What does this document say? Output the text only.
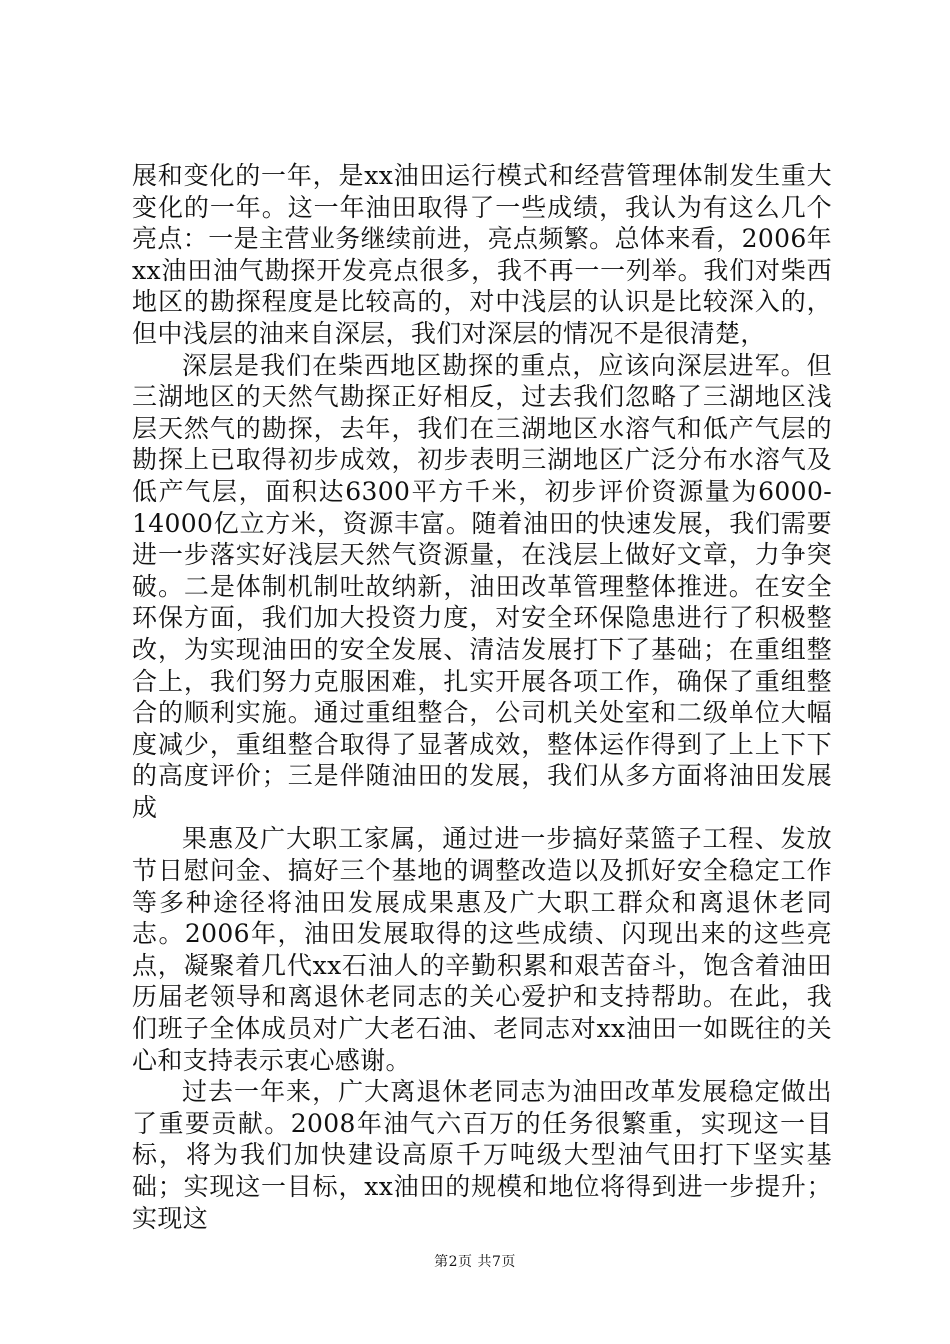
展和变化的一年，是xx油田运行模式和经营管理体制发生重大变化的一年。这一年油田取得了一些成绩，我认为有这么几个亮点：一是主营业务继续前进，亮点频繁。总体来看，2006年xx油田油气勘探开发亮点很多，我不再一一列举。我们对柴西地区的勘探程度是比较高的，对中浅层的认识是比较深入的，但中浅层的油来自深层，我们对深层的情况不是很清楚，

深层是我们在柴西地区勘探的重点，应该向深层进军。但三湖地区的天然气勘探正好相反，过去我们忽略了三湖地区浅层天然气的勘探，去年，我们在三湖地区水溶气和低产气层的勘探上已取得初步成效，初步表明三湖地区广泛分布水溶气及低产气层，面积达6300平方千米，初步评价资源量为6000-14000亿立方米，资源丰富。随着油田的快速发展，我们需要进一步落实好浅层天然气资源量，在浅层上做好文章，力争突破。二是体制机制吐故纳新，油田改革管理整体推进。在安全环保方面，我们加大投资力度，对安全环保隐患进行了积极整改，为实现油田的安全发展、清洁发展打下了基础；在重组整合上，我们努力克服困难，扎实开展各项工作，确保了重组整合的顺利实施。通过重组整合，公司机关处室和二级单位大幅度减少，重组整合取得了显著成效，整体运作得到了上上下下的高度评价；三是伴随油田的发展，我们从多方面将油田发展成

果惠及广大职工家属，通过进一步搞好菜篮子工程、发放节日慰问金、搞好三个基地的调整改造以及抓好安全稳定工作等多种途径将油田发展成果惠及广大职工群众和离退休老同志。2006年，油田发展取得的这些成绩、闪现出来的这些亮点，凝聚着几代xx石油人的辛勤积累和艰苦奋斗，饱含着油田历届老领导和离退休老同志的关心爱护和支持帮助。在此，我们班子全体成员对广大老石油、老同志对xx油田一如既往的关心和支持表示衷心感谢。

过去一年来，广大离退休老同志为油田改革发展稳定做出了重要贡献。2008年油气六百万的任务很繁重，实现这一目标，将为我们加快建设高原千万吨级大型油气田打下坚实基础；实现这一目标，xx油田的规模和地位将得到进一步提升；实现这

第2页 共7页
